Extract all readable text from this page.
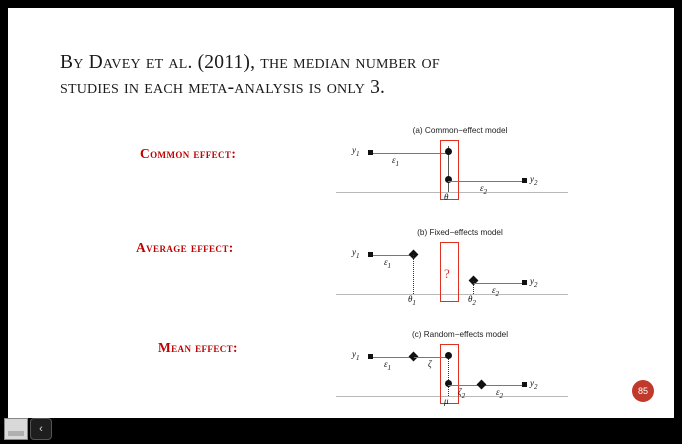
By Davey et al. (2011), the median number of
studies in each meta-analysis is only 3.
Common effect:
Average effect:
Mean effect:
(a) Common−effect model
$y_1$
$\varepsilon_1$
$y_2$
$\varepsilon_2$
θ
(b) Fixed−effects model
$y_1$
$\varepsilon_1$
$\theta_1$
?	$y_2$
$\varepsilon_2$
$\theta_2$
(c) Random−effects model
$y_1$
$\varepsilon_1$	ζ
$\zeta_2$	$\varepsilon_2$
$y_2$
μ
85
‹
